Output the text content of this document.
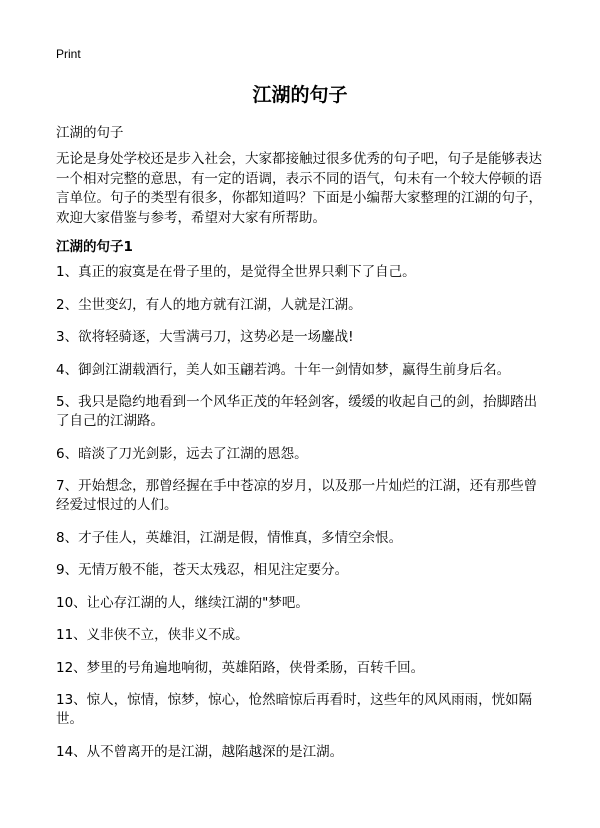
Print
江湖的句子

江湖的句子

无论是身处学校还是步入社会，大家都接触过很多优秀的句子吧，句子是能够表达一个相对完整的意思，有一定的语调，表示不同的语气，句未有一个较大停顿的语言单位。句子的类型有很多，你都知道吗？下面是小编帮大家整理的江湖的句子，欢迎大家借鉴与参考，希望对大家有所帮助。

江湖的句子1
1、真正的寂寞是在骨子里的，是觉得全世界只剩下了自己。
2、尘世变幻，有人的地方就有江湖，人就是江湖。
3、欲将轻骑逐，大雪满弓刀，这势必是一场鏖战!
4、御剑江湖载酒行，美人如玉翩若鸿。十年一剑情如梦，赢得生前身后名。
5、我只是隐约地看到一个风华正茂的年轻剑客，缓缓的收起自己的剑，抬脚踏出了自己的江湖路。
6、暗淡了刀光剑影，远去了江湖的恩怨。
7、开始想念，那曾经握在手中苍凉的岁月，以及那一片灿烂的江湖，还有那些曾经爱过恨过的人们。
8、才子佳人，英雄泪，江湖是假，情惟真，多情空余恨。
9、无情万般不能，苍天太残忍，相见注定要分。
10、让心存江湖的人，继续江湖的"梦吧。
11、义非侠不立，侠非义不成。
12、梦里的号角遍地响彻，英雄陌路，侠骨柔肠，百转千回。
13、惊人，惊情，惊梦，惊心，怆然暗惊后再看时，这些年的风风雨雨，恍如隔世。
14、从不曾离开的是江湖，越陷越深的是江湖。
